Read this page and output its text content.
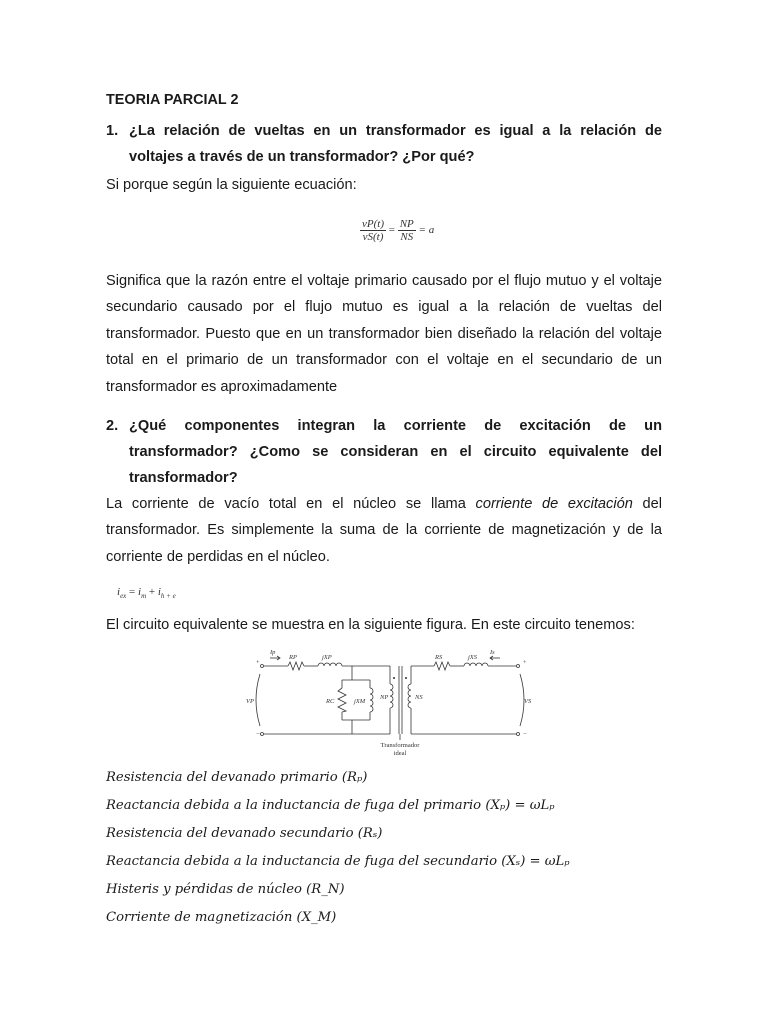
TEORIA PARCIAL 2
1. ¿La relación de vueltas en un transformador es igual a la relación de
voltajes a través de un transformador? ¿Por qué?
Si porque según la siguiente ecuación:
$\frac{vP(t)}{vS(t)} = \frac{NP}{NS} = a$
Significa que la razón entre el voltaje primario causado por el flujo mutuo y el voltaje
secundario causado por el flujo mutuo es igual a la relación de vueltas del
transformador. Puesto que en un transformador bien diseñado la relación del voltaje
total en el primario de un transformador con el voltaje en el secundario de un
transformador es aproximadamente
2. ¿Qué componentes integran la corriente de excitación de un
transformador? ¿Como se consideran en el circuito equivalente del
transformador?
La corriente de vacío total en el núcleo se llama corriente de excitación del
transformador. Es simplemente la suma de la corriente de magnetización y de la
corriente de perdidas en el núcleo.
$i_{ex} = i_m + i_{h + e}$
El circuito equivalente se muestra en la siguiente figura. En este circuito tenemos:
Ip	Is
RP	jXP	RS	jXS
RC	jXM
NP	NS
VP	VS
+
−
+
−
Transformador
ideal
Resistencia del devanado primario (Rₚ)
Reactancia debida a la inductancia de fuga del primario (Xₚ) = ωLₚ
Resistencia del devanado secundario (Rₛ)
Reactancia debida a la inductancia de fuga del secundario (Xₛ) = ωLₚ
Histeris y pérdidas de núcleo (R_N)
Corriente de magnetización (X_M)
